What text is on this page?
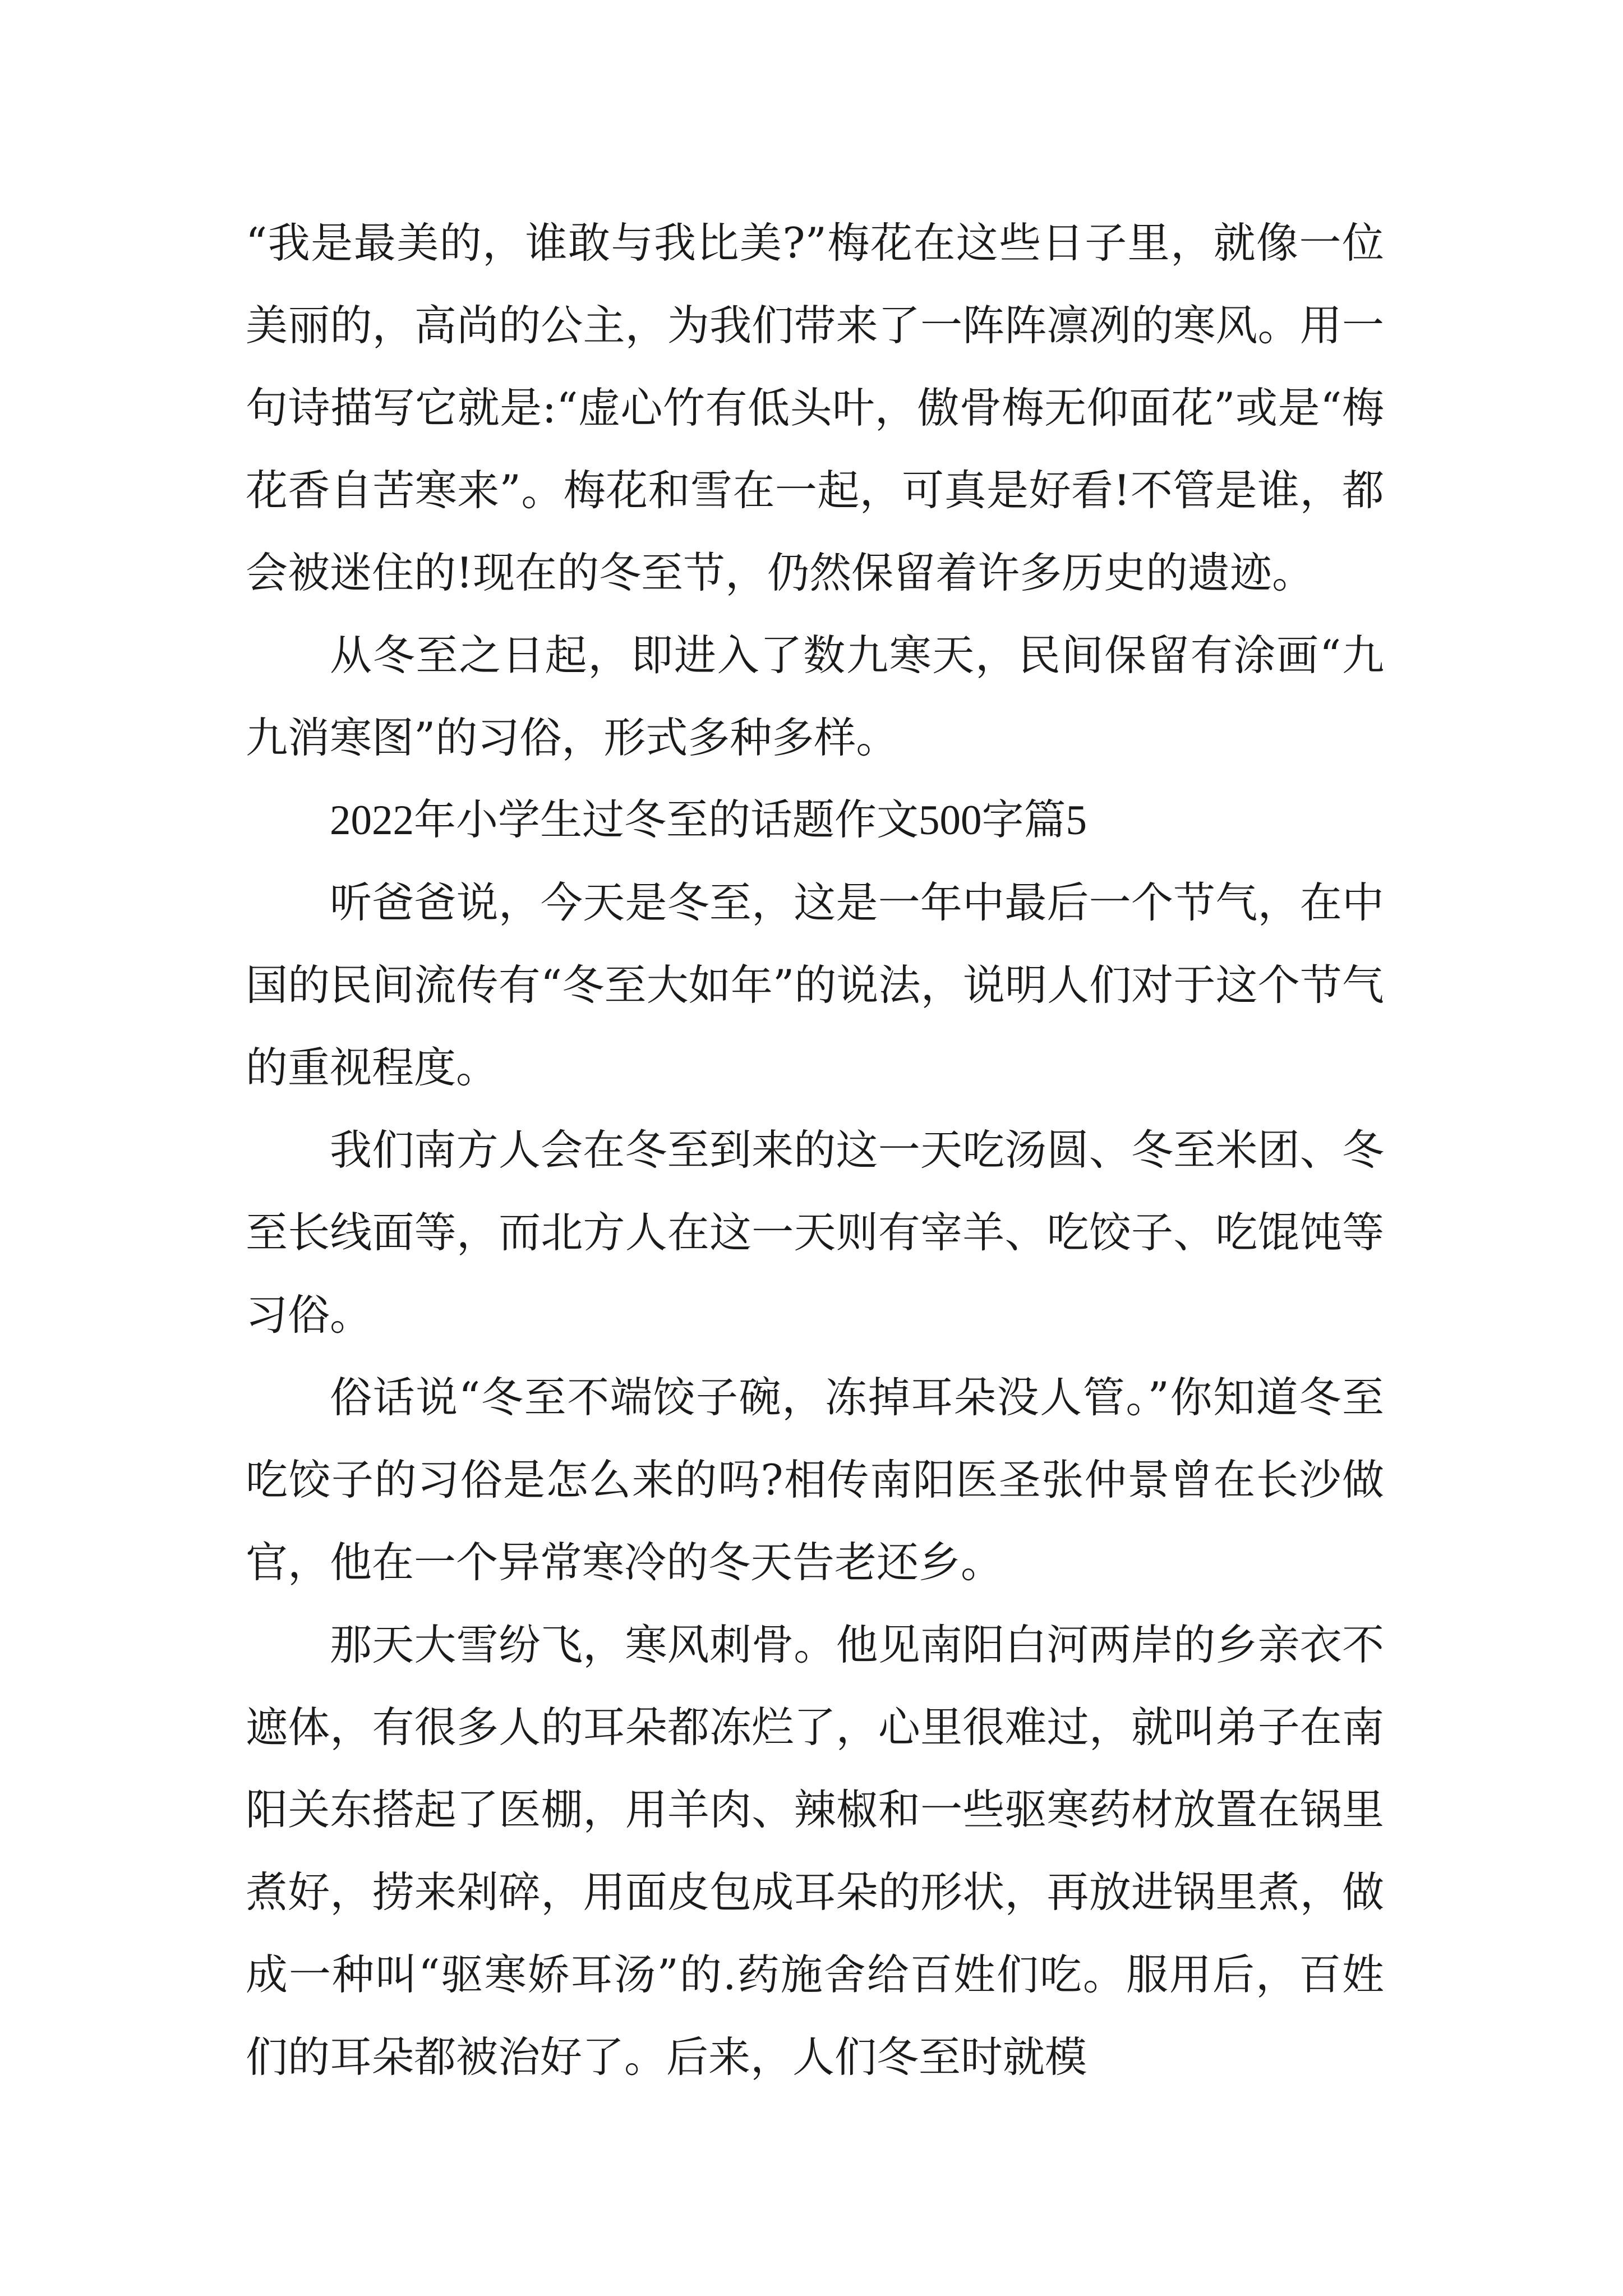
“我是最美的，谁敢与我比美?”梅花在这些日子里，就像一位美丽的，高尚的公主，为我们带来了一阵阵凛冽的寒风。用一句诗描写它就是:“虚心竹有低头叶，傲骨梅无仰面花”或是“梅花香自苦寒来”。梅花和雪在一起，可真是好看!不管是谁，都会被迷住的!现在的冬至节，仍然保留着许多历史的遗迹。

从冬至之日起，即进入了数九寒天，民间保留有涂画“九九消寒图”的习俗，形式多种多样。

2022年小学生过冬至的话题作文500字篇5

听爸爸说，今天是冬至，这是一年中最后一个节气，在中国的民间流传有“冬至大如年”的说法，说明人们对于这个节气的重视程度。

我们南方人会在冬至到来的这一天吃汤圆、冬至米团、冬至长线面等，而北方人在这一天则有宰羊、吃饺子、吃馄饨等习俗。

俗话说“冬至不端饺子碗，冻掉耳朵没人管。”你知道冬至吃饺子的习俗是怎么来的吗?相传南阳医圣张仲景曾在长沙做官，他在一个异常寒冷的冬天告老还乡。

那天大雪纷飞，寒风刺骨。他见南阳白河两岸的乡亲衣不遮体，有很多人的耳朵都冻烂了，心里很难过，就叫弟子在南阳关东搭起了医棚，用羊肉、辣椒和一些驱寒药材放置在锅里煮好，捞来剁碎，用面皮包成耳朵的形状，再放进锅里煮，做成一种叫“驱寒娇耳汤”的.药施舍给百姓们吃。服用后，百姓们的耳朵都被治好了。后来，人们冬至时就模
